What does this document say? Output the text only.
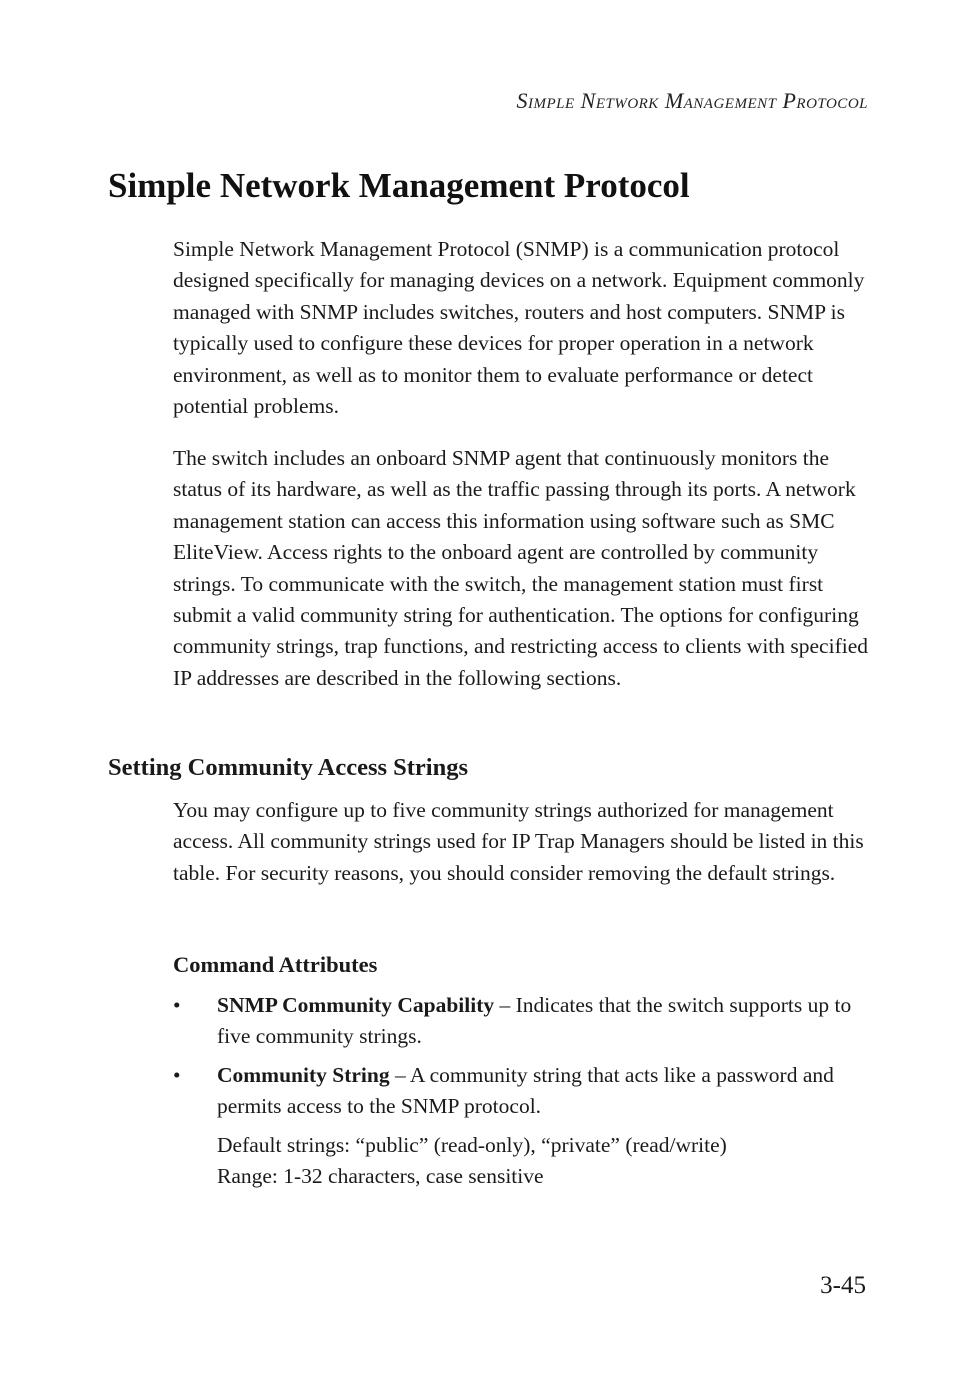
Simple Network Management Protocol
Simple Network Management Protocol

Simple Network Management Protocol (SNMP) is a communication protocol designed specifically for managing devices on a network. Equipment commonly managed with SNMP includes switches, routers and host computers. SNMP is typically used to configure these devices for proper operation in a network environment, as well as to monitor them to evaluate performance or detect potential problems.

The switch includes an onboard SNMP agent that continuously monitors the status of its hardware, as well as the traffic passing through its ports. A network management station can access this information using software such as SMC EliteView. Access rights to the onboard agent are controlled by community strings. To communicate with the switch, the management station must first submit a valid community string for authentication. The options for configuring community strings, trap functions, and restricting access to clients with specified IP addresses are described in the following sections.

Setting Community Access Strings

You may configure up to five community strings authorized for management access. All community strings used for IP Trap Managers should be listed in this table. For security reasons, you should consider removing the default strings.

Command Attributes
• SNMP Community Capability – Indicates that the switch supports up to five community strings.
• Community String – A community string that acts like a password and permits access to the SNMP protocol.
Default strings: “public” (read-only), “private” (read/write)
Range: 1-32 characters, case sensitive
3-45
